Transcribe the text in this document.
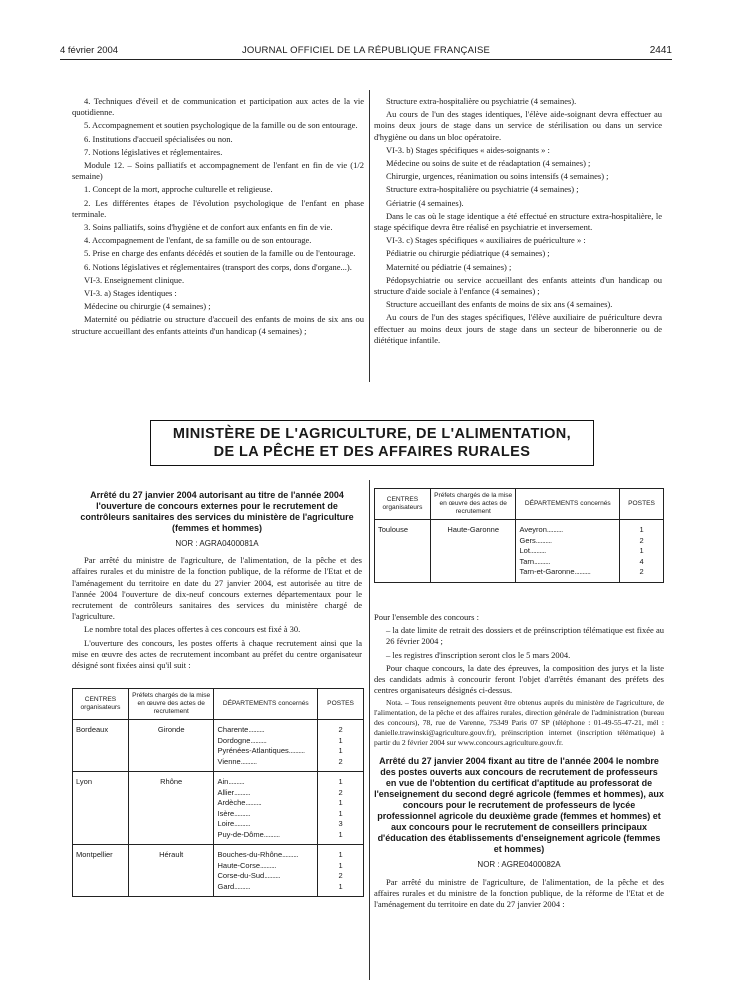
4 février 2004	JOURNAL OFFICIEL DE LA RÉPUBLIQUE FRANÇAISE	2441

4. Techniques d'éveil et de communication et participation aux actes de la vie quotidienne.

5. Accompagnement et soutien psychologique de la famille ou de son entourage.

6. Institutions d'accueil spécialisées ou non.

7. Notions législatives et réglementaires.

Module 12. – Soins palliatifs et accompagnement de l'enfant en fin de vie (1/2 semaine)

1. Concept de la mort, approche culturelle et religieuse.

2. Les différentes étapes de l'évolution psychologique de l'enfant en phase terminale.

3. Soins palliatifs, soins d'hygiène et de confort aux enfants en fin de vie.

4. Accompagnement de l'enfant, de sa famille ou de son entourage.

5. Prise en charge des enfants décédés et soutien de la famille ou de l'entourage.

6. Notions législatives et réglementaires (transport des corps, dons d'organe...).

VI-3. Enseignement clinique.

VI-3. a) Stages identiques :

Médecine ou chirurgie (4 semaines) ;

Maternité ou pédiatrie ou structure d'accueil des enfants de moins de six ans ou structure accueillant des enfants atteints d'un handicap (4 semaines) ;

Structure extra-hospitalière ou psychiatrie (4 semaines).

Au cours de l'un des stages identiques, l'élève aide-soignant devra effectuer au moins deux jours de stage dans un service de stérilisation ou dans un service d'hygiène ou dans un bloc opératoire.

VI-3. b) Stages spécifiques « aides-soignants » :

Médecine ou soins de suite et de réadaptation (4 semaines) ;

Chirurgie, urgences, réanimation ou soins intensifs (4 semaines) ;

Structure extra-hospitalière ou psychiatrie (4 semaines) ;

Gériatrie (4 semaines).

Dans le cas où le stage identique a été effectué en structure extra-hospitalière, le stage spécifique devra être réalisé en psychiatrie et inversement.

VI-3. c) Stages spécifiques « auxiliaires de puériculture » :

Pédiatrie ou chirurgie pédiatrique (4 semaines) ;

Maternité ou pédiatrie (4 semaines) ;

Pédopsychiatrie ou service accueillant des enfants atteints d'un handicap ou structure d'aide sociale à l'enfance (4 semaines) ;

Structure accueillant des enfants de moins de six ans (4 semaines).

Au cours de l'un des stages spécifiques, l'élève auxiliaire de puériculture devra effectuer au moins deux jours de stage dans un secteur de biberonnerie ou de diététique infantile.

MINISTÈRE DE L'AGRICULTURE, DE L'ALIMENTATION,
DE LA PÊCHE ET DES AFFAIRES RURALES
Arrêté du 27 janvier 2004 autorisant au titre de l'année 2004 l'ouverture de concours externes pour le recrutement de contrôleurs sanitaires des services du ministère de l'agriculture (femmes et hommes)
NOR : AGRA0400081A

Par arrêté du ministre de l'agriculture, de l'alimentation, de la pêche et des affaires rurales et du ministre de la fonction publique, de la réforme de l'Etat et de l'aménagement du territoire en date du 27 janvier 2004, est autorisée au titre de l'année 2004 l'ouverture de dix-neuf concours externes départementaux pour le recrutement de contrôleurs sanitaires des services du ministère chargé de l'agriculture.

Le nombre total des places offertes à ces concours est fixé à 30.

L'ouverture des concours, les postes offerts à chaque recrutement ainsi que la mise en œuvre des actes de recrutement incombant au préfet du centre organisateur désigné sont fixées ainsi qu'il suit :

CENTRES organisateurs	Préfets chargés de la mise en œuvre des actes de recrutement	DÉPARTEMENTS concernés	POSTES
Bordeaux	Gironde	Charente..........	2
		Dordogne..........	1
		Pyrénées-Atlantiques..........	1
		Vienne..........	2
Lyon	Rhône	Ain..........	1
		Allier..........	2
		Ardèche..........	1
		Isère..........	1
		Loire..........	3
		Puy-de-Dôme..........	1
Montpellier	Hérault	Bouches-du-Rhône..........	1
		Haute-Corse..........	1
		Corse-du-Sud..........	2
		Gard..........	1
CENTRES organisateurs	Préfets chargés de la mise en œuvre des actes de recrutement	DÉPARTEMENTS concernés	POSTES
Toulouse	Haute-Garonne	Aveyron..........	1
		Gers..........	2
		Lot..........	1
		Tarn..........	4
		Tarn-et-Garonne..........	2

Pour l'ensemble des concours :

– la date limite de retrait des dossiers et de préinscription télématique est fixée au 26 février 2004 ;

– les registres d'inscription seront clos le 5 mars 2004.

Pour chaque concours, la date des épreuves, la composition des jurys et la liste des candidats admis à concourir feront l'objet d'arrêtés émanant des préfets des centres organisateurs désignés ci-dessus.

Nota. – Tous renseignements peuvent être obtenus auprès du ministère de l'agriculture, de l'alimentation, de la pêche et des affaires rurales, direction générale de l'administration (bureau des concours), 78, rue de Varenne, 75349 Paris 07 SP (téléphone : 01-49-55-47-21, mél : danielle.trawinski@agriculture.gouv.fr), préinscription internet (inscription télématique) à partir du 2 février 2004 sur www.concours.agriculture.gouv.fr.

Arrêté du 27 janvier 2004 fixant au titre de l'année 2004 le nombre des postes ouverts aux concours de recrutement de professeurs en vue de l'obtention du certificat d'aptitude au professorat de l'enseignement du second degré agricole (femmes et hommes), aux concours pour le recrutement de professeurs de lycée professionnel agricole du deuxième grade (femmes et hommes) et aux concours pour le recrutement de conseillers principaux d'éducation des établissements d'enseignement agricole (femmes et hommes)
NOR : AGRE0400082A

Par arrêté du ministre de l'agriculture, de l'alimentation, de la pêche et des affaires rurales et du ministre de la fonction publique, de la réforme de l'Etat et de l'aménagement du territoire en date du 27 janvier 2004 :
